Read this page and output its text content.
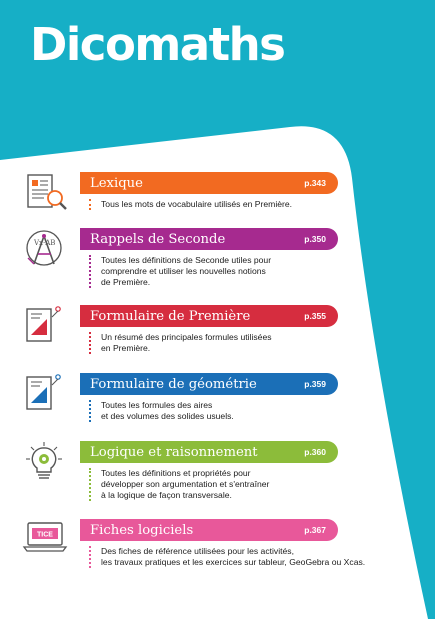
Dicomaths
Lexique	p.343
Tous les mots de vocabulaire utilisés en Première.
Vx·AB	Rappels de Seconde	p.350
Toutes les définitions de Seconde utiles pour
comprendre et utiliser les nouvelles notions
de Première.
Formulaire de Première	p.355
Un résumé des principales formules utilisées
en Première.
Formulaire de géométrie	p.359
Toutes les formules des aires
et des volumes des solides usuels.
Logique et raisonnement	p.360
Toutes les définitions et propriétés pour
développer son argumentation et s'entraîner
à la logique de façon transversale.
TICE	Fiches logiciels	p.367
Des fiches de référence utilisées pour les activités,
les travaux pratiques et les exercices sur tableur, GeoGebra ou Xcas.
